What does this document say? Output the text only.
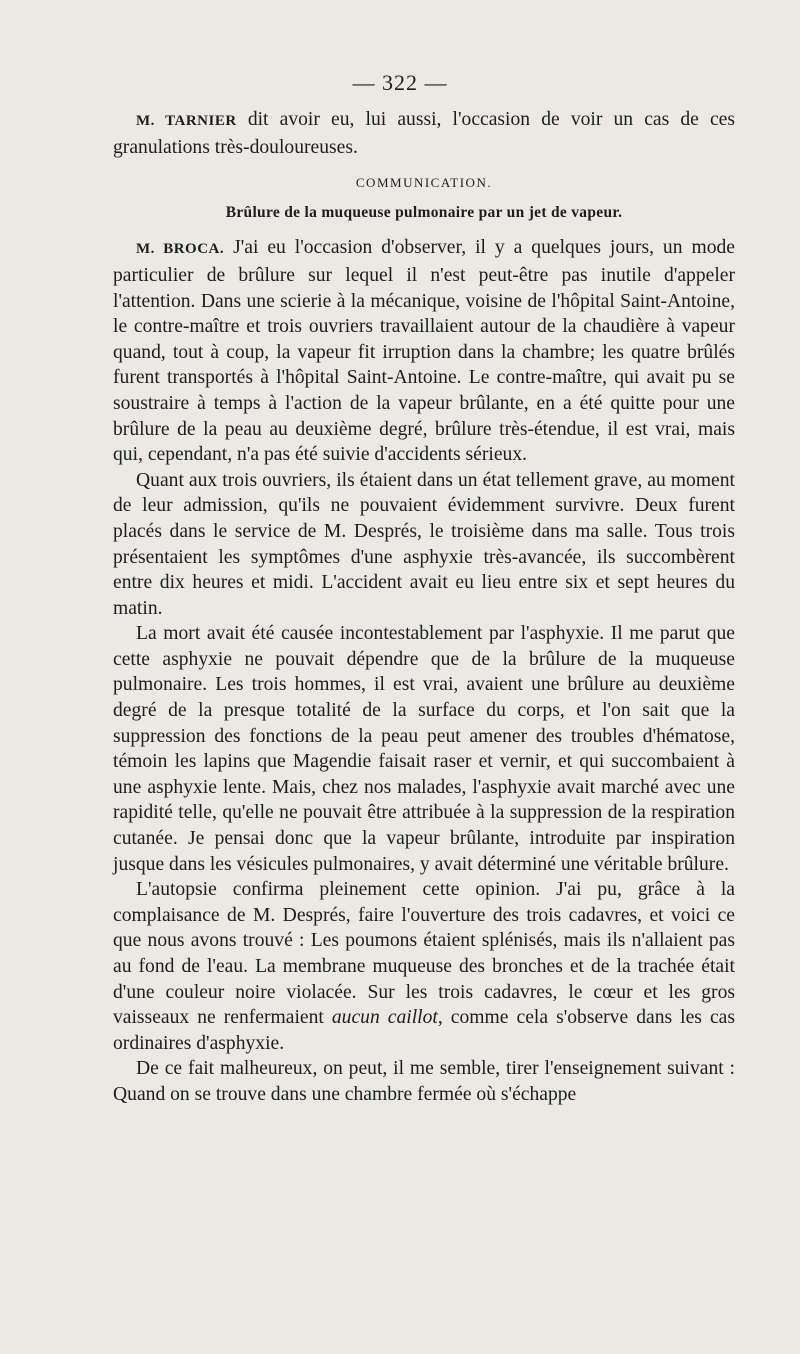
— 322 —

M. TARNIER dit avoir eu, lui aussi, l'occasion de voir un cas de ces granulations très-douloureuses.

COMMUNICATION.
Brûlure de la muqueuse pulmonaire par un jet de vapeur.

M. BROCA. J'ai eu l'occasion d'observer, il y a quelques jours, un mode particulier de brûlure sur lequel il n'est peut-être pas inutile d'appeler l'attention. Dans une scierie à la mécanique, voisine de l'hôpital Saint-Antoine, le contre-maître et trois ouvriers travaillaient autour de la chaudière à vapeur quand, tout à coup, la vapeur fit irruption dans la chambre; les quatre brûlés furent transportés à l'hôpital Saint-Antoine. Le contre-maître, qui avait pu se soustraire à temps à l'action de la vapeur brûlante, en a été quitte pour une brûlure de la peau au deuxième degré, brûlure très-étendue, il est vrai, mais qui, cependant, n'a pas été suivie d'accidents sérieux.

Quant aux trois ouvriers, ils étaient dans un état tellement grave, au moment de leur admission, qu'ils ne pouvaient évidemment survivre. Deux furent placés dans le service de M. Després, le troisième dans ma salle. Tous trois présentaient les symptômes d'une asphyxie très-avancée, ils succombèrent entre dix heures et midi. L'accident avait eu lieu entre six et sept heures du matin.

La mort avait été causée incontestablement par l'asphyxie. Il me parut que cette asphyxie ne pouvait dépendre que de la brûlure de la muqueuse pulmonaire. Les trois hommes, il est vrai, avaient une brûlure au deuxième degré de la presque totalité de la surface du corps, et l'on sait que la suppression des fonctions de la peau peut amener des troubles d'hématose, témoin les lapins que Magendie faisait raser et vernir, et qui succombaient à une asphyxie lente. Mais, chez nos malades, l'asphyxie avait marché avec une rapidité telle, qu'elle ne pouvait être attribuée à la suppression de la respiration cutanée. Je pensai donc que la vapeur brûlante, introduite par inspiration jusque dans les vésicules pulmonaires, y avait déterminé une véritable brûlure.

L'autopsie confirma pleinement cette opinion. J'ai pu, grâce à la complaisance de M. Després, faire l'ouverture des trois cadavres, et voici ce que nous avons trouvé : Les poumons étaient splénisés, mais ils n'allaient pas au fond de l'eau. La membrane muqueuse des bronches et de la trachée était d'une couleur noire violacée. Sur les trois cadavres, le cœur et les gros vaisseaux ne renfermaient aucun caillot, comme cela s'observe dans les cas ordinaires d'asphyxie.

De ce fait malheureux, on peut, il me semble, tirer l'enseignement suivant : Quand on se trouve dans une chambre fermée où s'échappe
